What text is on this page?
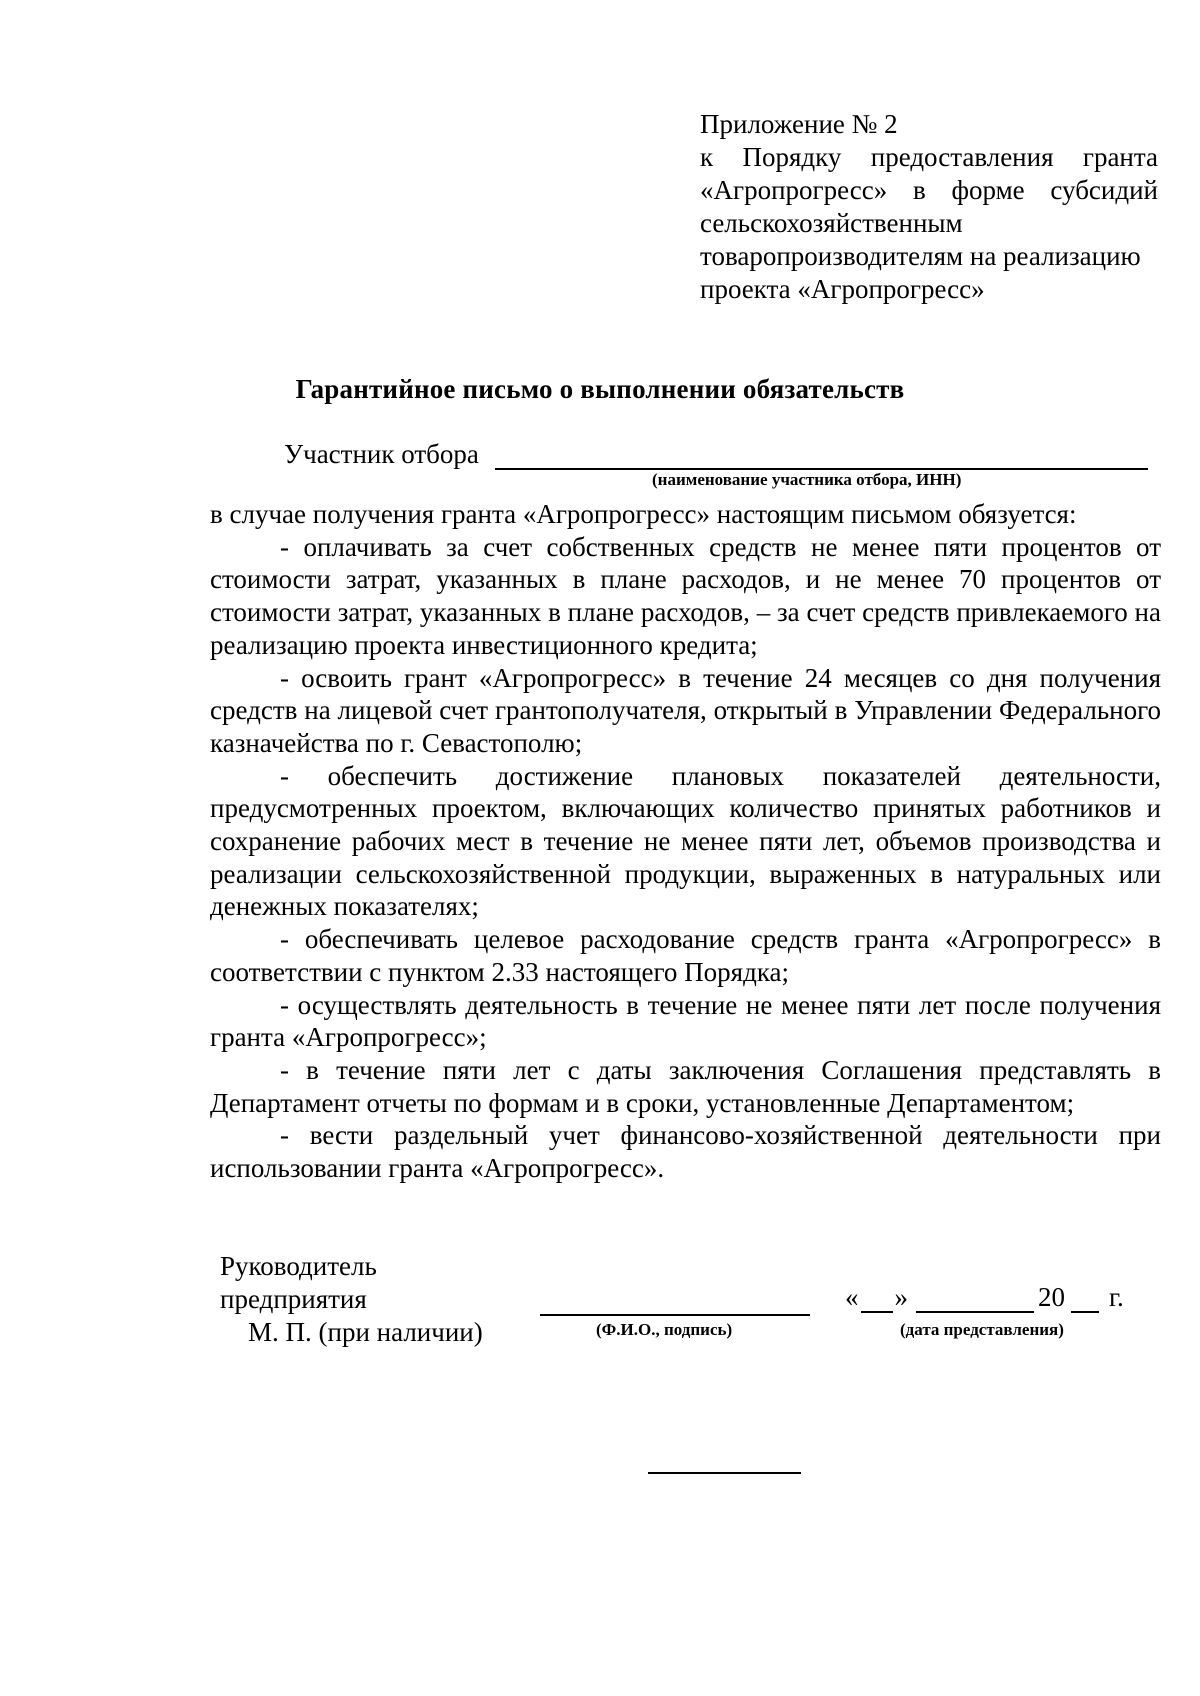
Приложение № 2
к Порядку предоставления гранта
«Агропрогресс» в форме субсидий
сельскохозяйственным
товаропроизводителям на реализацию
проекта «Агропрогресс»
Гарантийное письмо о выполнении обязательств
Участник отбора
(наименование участника отбора, ИНН)

в случае получения гранта «Агропрогресс» настоящим письмом обязуется:

- оплачивать за счет собственных средств не менее пяти процентов от стоимости затрат, указанных в плане расходов, и не менее 70 процентов от стоимости затрат, указанных в плане расходов, – за счет средств привлекаемого на реализацию проекта инвестиционного кредита;

- освоить грант «Агропрогресс» в течение 24 месяцев со дня получения средств на лицевой счет грантополучателя, открытый в Управлении Федерального казначейства по г. Севастополю;

- обеспечить достижение плановых показателей деятельности, предусмотренных проектом, включающих количество принятых работников и сохранение рабочих мест в течение не менее пяти лет, объемов производства и реализации сельскохозяйственной продукции, выраженных в натуральных или денежных показателях;

- обеспечивать целевое расходование средств гранта «Агропрогресс» в соответствии с пунктом 2.33 настоящего Порядка;

- осуществлять деятельность в течение не менее пяти лет после получения гранта «Агропрогресс»;

- в течение пяти лет с даты заключения Соглашения представлять в Департамент отчеты по формам и в сроки, установленные Департаментом;

- вести раздельный учет финансово-хозяйственной деятельности при использовании гранта «Агропрогресс».

Руководитель
предприятия
М. П. (при наличии)	(Ф.И.О., подпись)
« »	20 г.
(дата представления)
